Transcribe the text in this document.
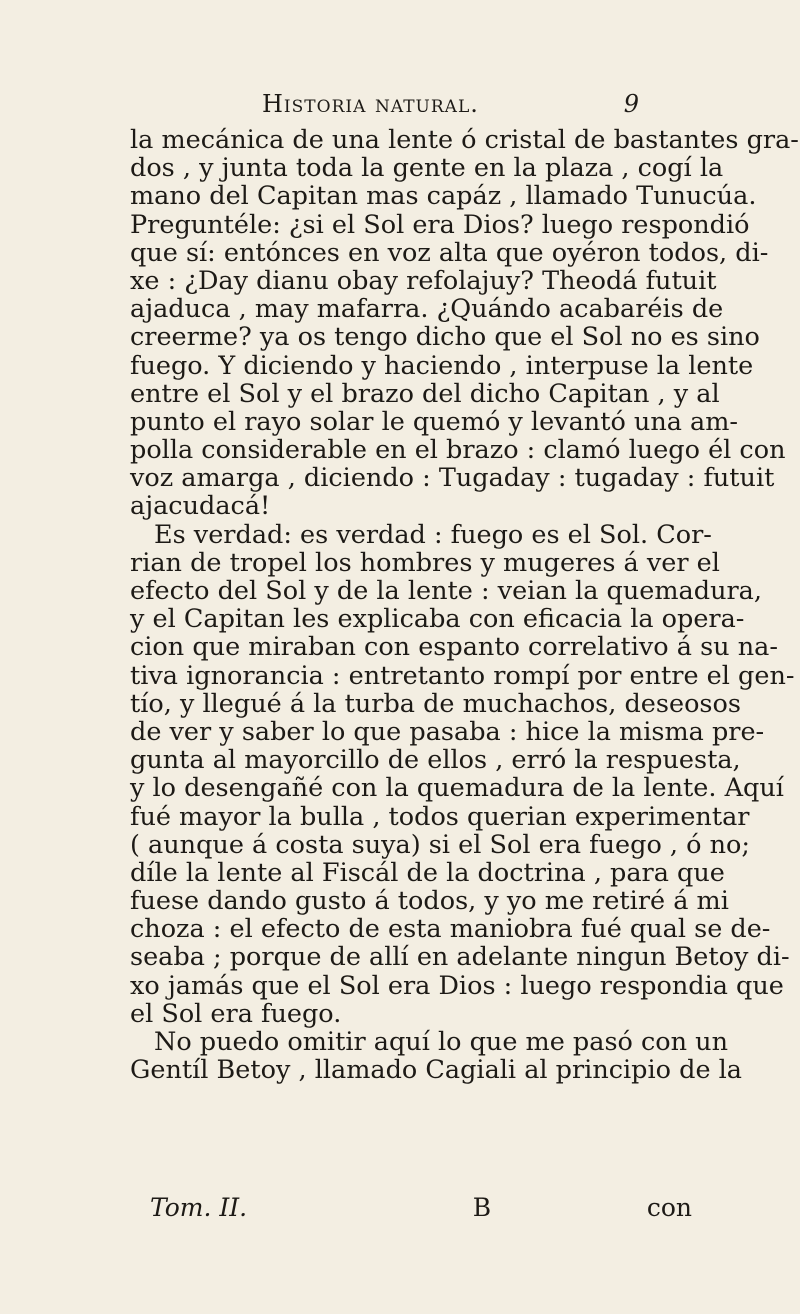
Historia natural.	9
la mecánica de una lente ó cristal de bastantes gra-
dos , y junta toda la gente en la plaza , cogí la
mano del Capitan mas capáz , llamado Tunucúa.
Preguntéle: ¿si el Sol era Dios? luego respondió
que sí: entónces en voz alta que oyéron todos, di-
xe : ¿Day dianu obay refolajuy? Theodá futuit
ajaduca , may mafarra. ¿Quándo acabaréis de
creerme? ya os tengo dicho que el Sol no es sino
fuego. Y diciendo y haciendo , interpuse la lente
entre el Sol y el brazo del dicho Capitan , y al
punto el rayo solar le quemó y levantó una am-
polla considerable en el brazo : clamó luego él con
voz amarga , diciendo : Tugaday : tugaday : futuit
ajacudacá!
Es verdad: es verdad : fuego es el Sol. Cor-
rian de tropel los hombres y mugeres á ver el
efecto del Sol y de la lente : veian la quemadura,
y el Capitan les explicaba con eficacia la opera-
cion que miraban con espanto correlativo á su na-
tiva ignorancia : entretanto rompí por entre el gen-
tío, y llegué á la turba de muchachos, deseosos
de ver y saber lo que pasaba : hice la misma pre-
gunta al mayorcillo de ellos , erró la respuesta,
y lo desengañé con la quemadura de la lente. Aquí
fué mayor la bulla , todos querian experimentar
( aunque á costa suya) si el Sol era fuego , ó no;
díle la lente al Fiscál de la doctrina , para que
fuese dando gusto á todos, y yo me retiré á mi
choza : el efecto de esta maniobra fué qual se de-
seaba ; porque de allí en adelante ningun Betoy di-
xo jamás que el Sol era Dios : luego respondia que
el Sol era fuego.
No puedo omitir aquí lo que me pasó con un
Gentíl Betoy , llamado Cagiali al principio de la
Tom. II.	B	con
